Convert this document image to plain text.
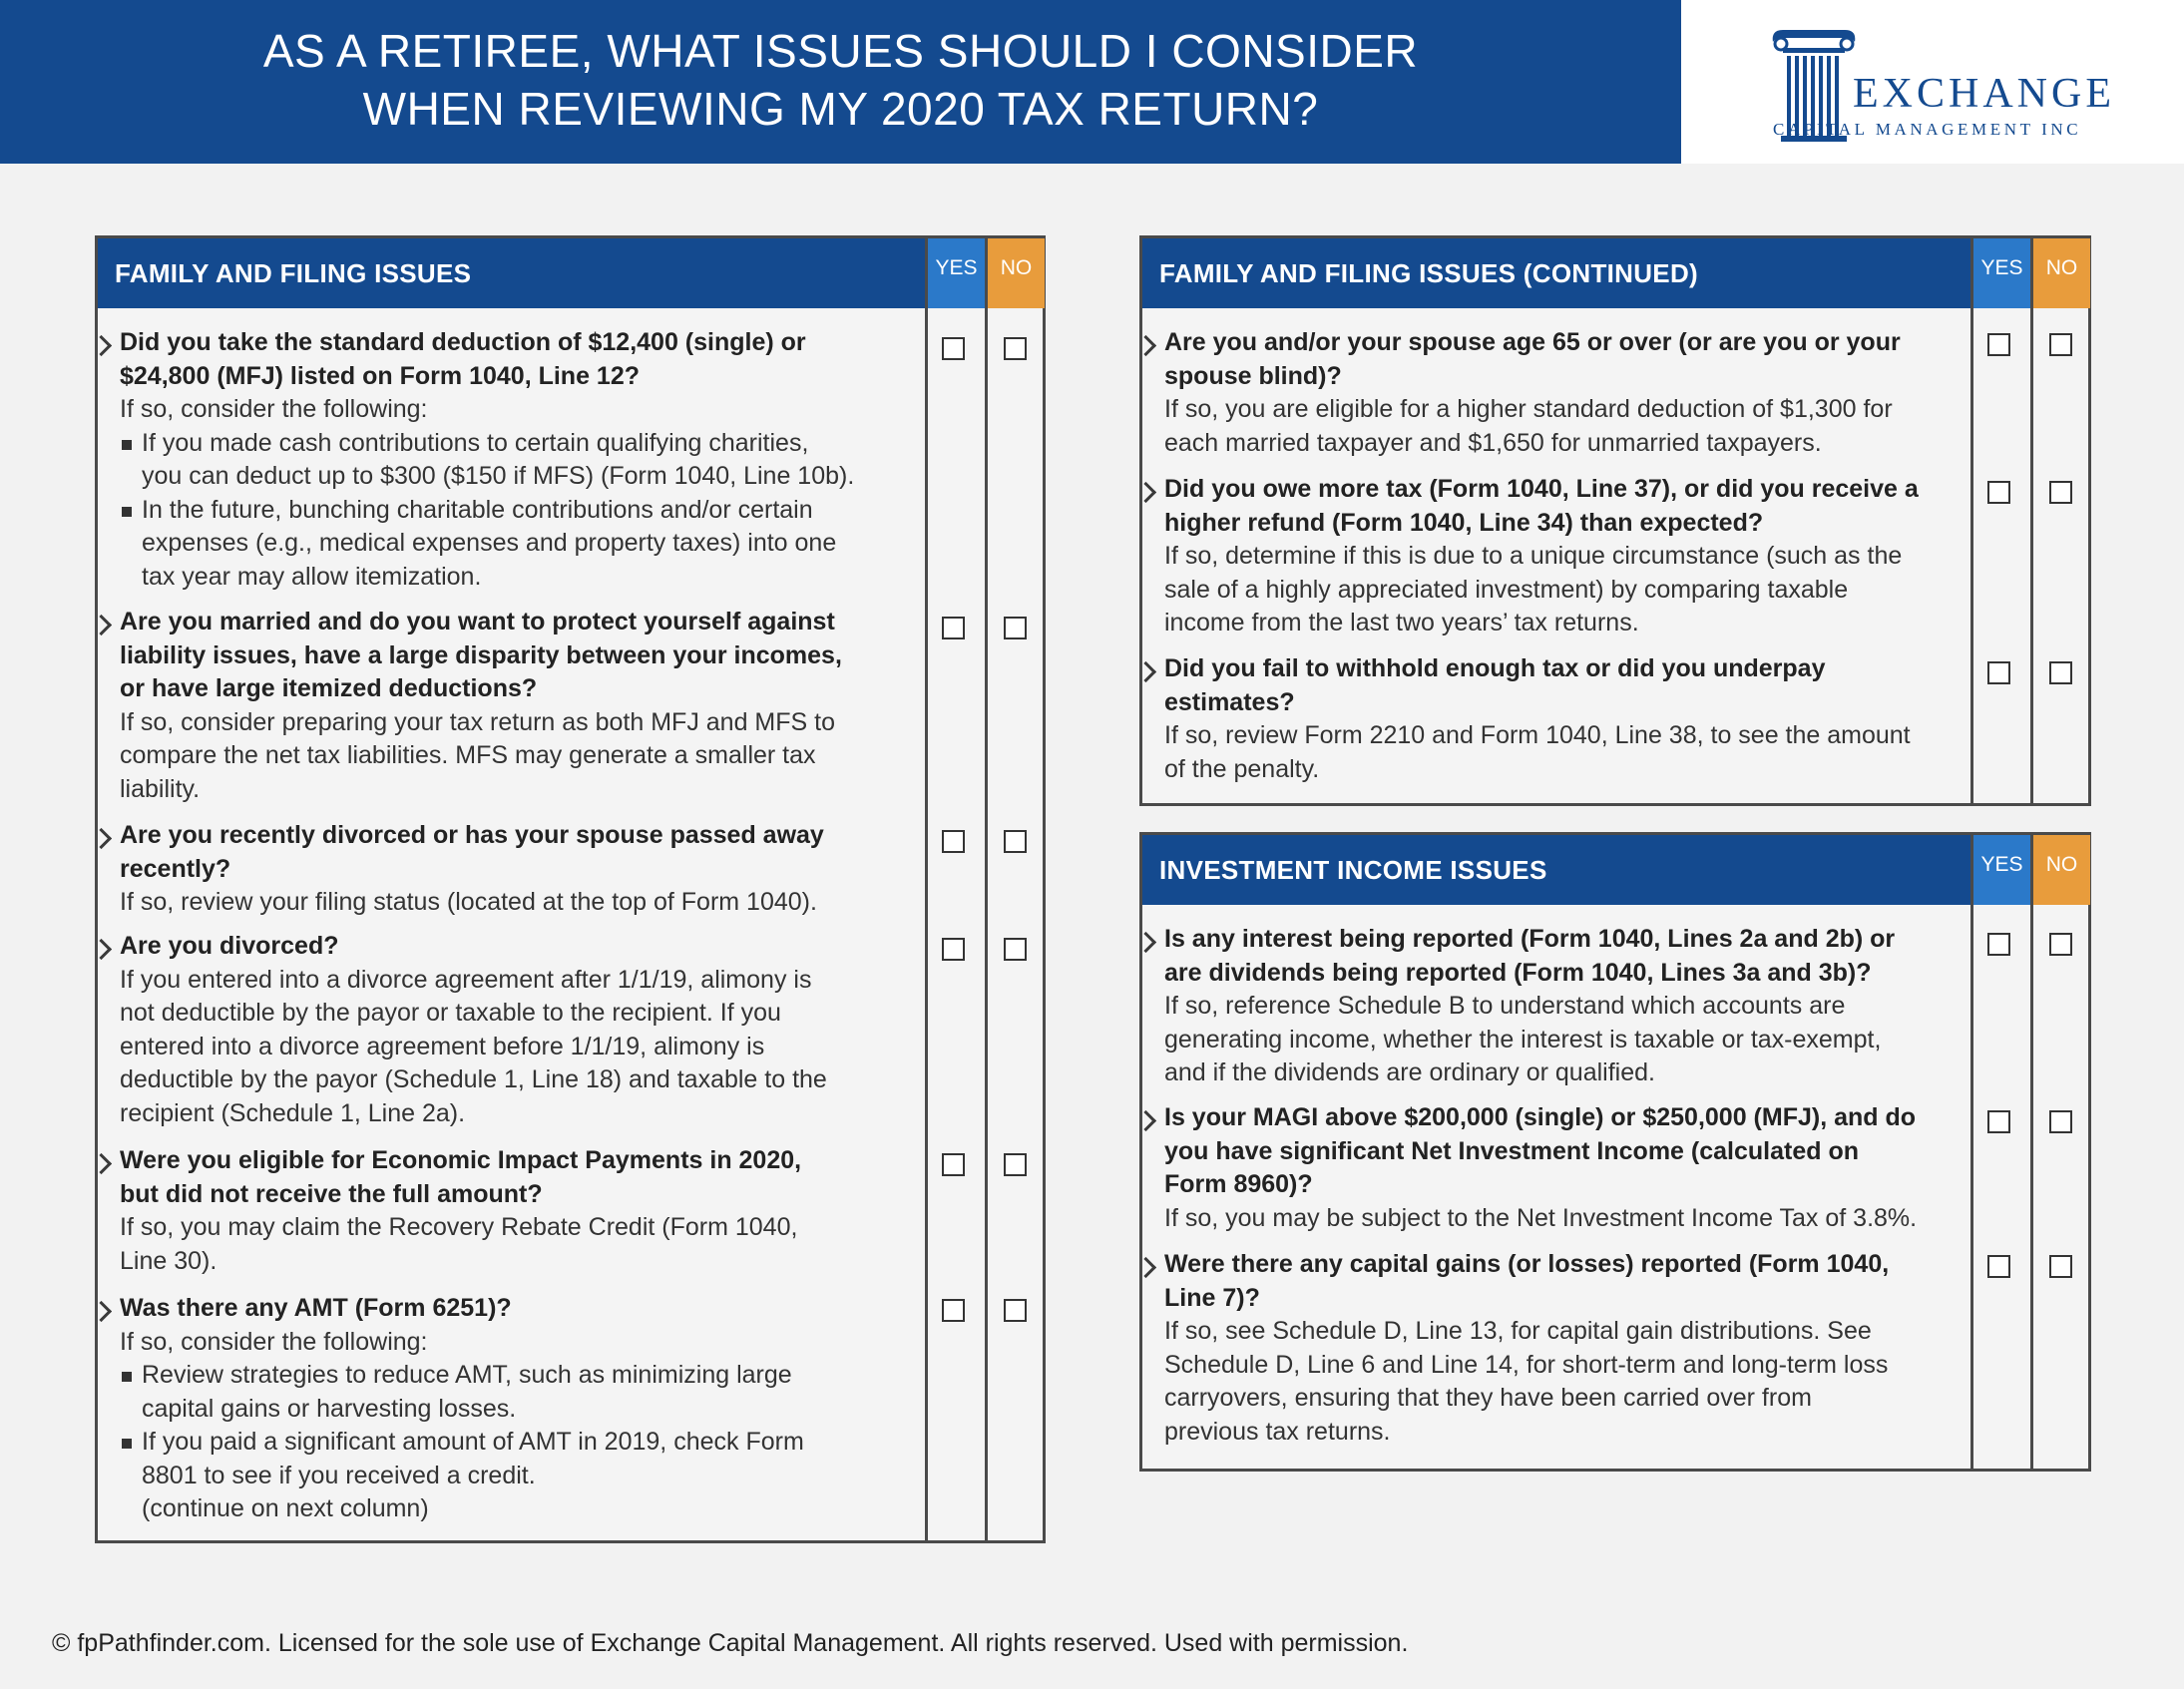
AS A RETIREE, WHAT ISSUES SHOULD I CONSIDER
WHEN REVIEWING MY 2020 TAX RETURN?	EXCHANGE
CAPITAL MANAGEMENT INC
FAMILY AND FILING ISSUES	YES	NO
Did you take the standard deduction of $12,400 (single) or
$24,800 (MFJ) listed on Form 1040, Line 12?
If so, consider the following:
If you made cash contributions to certain qualifying charities,
you can deduct up to $300 ($150 if MFS) (Form 1040, Line 10b).
In the future, bunching charitable contributions and/or certain
expenses (e.g., medical expenses and property taxes) into one
tax year may allow itemization.
Are you married and do you want to protect yourself against
liability issues, have a large disparity between your incomes,
or have large itemized deductions?
If so, consider preparing your tax return as both MFJ and MFS to
compare the net tax liabilities. MFS may generate a smaller tax
liability.
Are you recently divorced or has your spouse passed away
recently?
If so, review your filing status (located at the top of Form 1040).
Are you divorced?
If you entered into a divorce agreement after 1/1/19, alimony is
not deductible by the payor or taxable to the recipient. If you
entered into a divorce agreement before 1/1/19, alimony is
deductible by the payor (Schedule 1, Line 18) and taxable to the
recipient (Schedule 1, Line 2a).
Were you eligible for Economic Impact Payments in 2020,
but did not receive the full amount?
If so, you may claim the Recovery Rebate Credit (Form 1040,
Line 30).
Was there any AMT (Form 6251)?
If so, consider the following:
Review strategies to reduce AMT, such as minimizing large
capital gains or harvesting losses.
If you paid a significant amount of AMT in 2019, check Form
8801 to see if you received a credit.
(continue on next column)
FAMILY AND FILING ISSUES (CONTINUED)	YES	NO
Are you and/or your spouse age 65 or over (or are you or your
spouse blind)?
If so, you are eligible for a higher standard deduction of $1,300 for
each married taxpayer and $1,650 for unmarried taxpayers.
Did you owe more tax (Form 1040, Line 37), or did you receive a
higher refund (Form 1040, Line 34) than expected?
If so, determine if this is due to a unique circumstance (such as the
sale of a highly appreciated investment) by comparing taxable
income from the last two years’ tax returns.
Did you fail to withhold enough tax or did you underpay
estimates?
If so, review Form 2210 and Form 1040, Line 38, to see the amount
of the penalty.
INVESTMENT INCOME ISSUES	YES	NO
Is any interest being reported (Form 1040, Lines 2a and 2b) or
are dividends being reported (Form 1040, Lines 3a and 3b)?
If so, reference Schedule B to understand which accounts are
generating income, whether the interest is taxable or tax-exempt,
and if the dividends are ordinary or qualified.
Is your MAGI above $200,000 (single) or $250,000 (MFJ), and do
you have significant Net Investment Income (calculated on
Form 8960)?
If so, you may be subject to the Net Investment Income Tax of 3.8%.
Were there any capital gains (or losses) reported (Form 1040,
Line 7)?
If so, see Schedule D, Line 13, for capital gain distributions. See
Schedule D, Line 6 and Line 14, for short-term and long-term loss
carryovers, ensuring that they have been carried over from
previous tax returns.
© fpPathfinder.com. Licensed for the sole use of Exchange Capital Management. All rights reserved. Used with permission.
